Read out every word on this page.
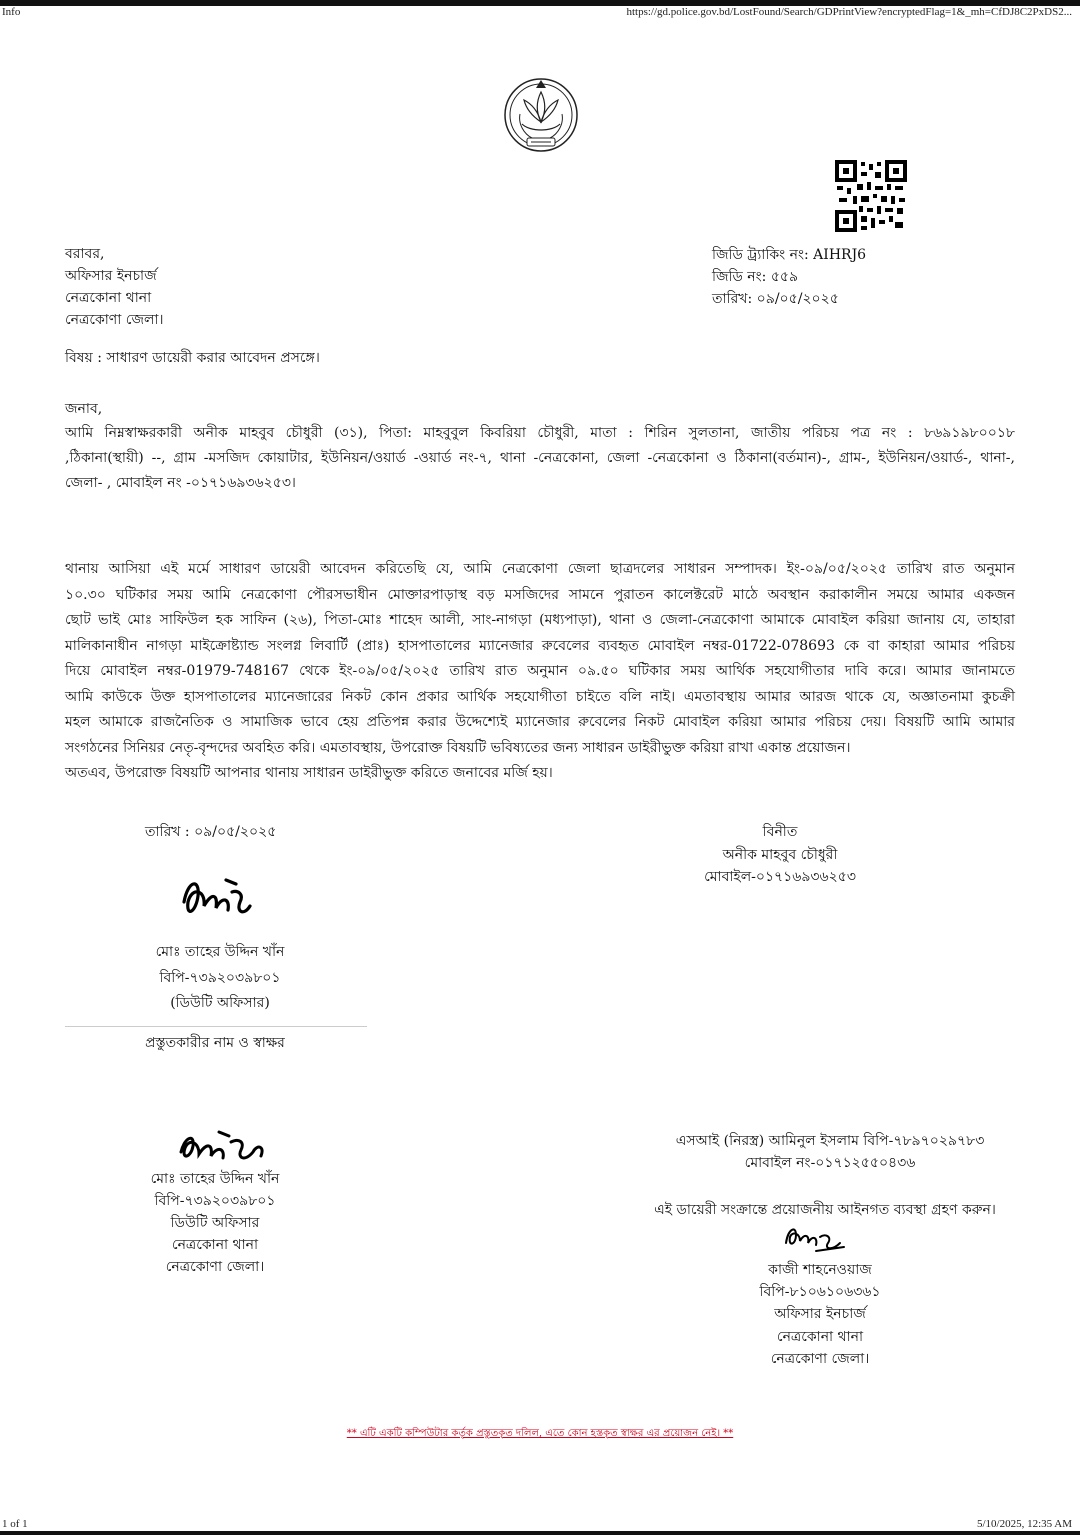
Info	https://gd.police.gov.bd/LostFound/Search/GDPrintView?encryptedFlag=1&_mh=CfDJ8C2PxDS2...
বরাবর,
অফিসার ইনচার্জ
নেত্রকোনা থানা
নেত্রকোণা জেলা।
জিডি ট্র্যাকিং নং: AIHRJ6
জিডি নং: ৫৫৯
তারিখ: ০৯/০৫/২০২৫
বিষয় : সাধারণ ডায়েরী করার আবেদন প্রসঙ্গে।
জনাব,
আমি নিম্নস্বাক্ষরকারী অনীক মাহবুব চৌধুরী (৩১), পিতা: মাহবুবুল কিবরিয়া চৌধুরী, মাতা : শিরিন সুলতানা, জাতীয় পরিচয় পত্র নং : ৮৬৯১৯৮০০১৮
,ঠিকানা(স্থায়ী) --, গ্রাম -মসজিদ কোয়াটার, ইউনিয়ন/ওয়ার্ড -ওয়ার্ড নং-৭, থানা -নেত্রকোনা, জেলা -নেত্রকোনা ও ঠিকানা(বর্তমান)-, গ্রাম-, ইউনিয়ন/ওয়ার্ড-, থানা-,
জেলা- , মোবাইল নং -০১৭১৬৯৩৬২৫৩।
থানায় আসিয়া এই মর্মে সাধারণ ডায়েরী আবেদন করিতেছি যে, আমি নেত্রকোণা জেলা ছাত্রদলের সাধারন সম্পাদক। ইং-০৯/০৫/২০২৫ তারিখ রাত অনুমান
১০.৩০ ঘটিকার সময় আমি নেত্রকোণা পৌরসভাধীন মোক্তারপাড়াস্থ বড় মসজিদের সামনে পুরাতন কালেক্টরেট মাঠে অবস্থান করাকালীন সময়ে আমার একজন
ছোট ভাই মোঃ সাফিউল হক সাফিন (২৬), পিতা-মোঃ শাহেদ আলী, সাং-নাগড়া (মধ্যপাড়া), থানা ও জেলা-নেত্রকোণা আমাকে মোবাইল করিয়া জানায় যে, তাহারা
মালিকানাধীন নাগড়া মাইক্রোষ্ট্যান্ড সংলগ্ন লিবার্টি (প্রাঃ) হাসপাতালের ম্যানেজার রুবেলের ব্যবহৃত মোবাইল নম্বর-01722-078693 কে বা কাহারা আমার পরিচয়
দিয়ে মোবাইল নম্বর-01979-748167 থেকে ইং-০৯/০৫/২০২৫ তারিখ রাত অনুমান ০৯.৫০ ঘটিকার সময় আর্থিক সহযোগীতার দাবি করে। আমার জানামতে
আমি কাউকে উক্ত হাসপাতালের ম্যানেজারের নিকট কোন প্রকার আর্থিক সহযোগীতা চাইতে বলি নাই। এমতাবস্থায় আমার আরজ থাকে যে, অজ্ঞাতনামা কুচক্রী
মহল আমাকে রাজনৈতিক ও সামাজিক ভাবে হেয় প্রতিপন্ন করার উদ্দেশ্যেই ম্যানেজার রুবেলের নিকট মোবাইল করিয়া আমার পরিচয় দেয়। বিষয়টি আমি আমার
সংগঠনের সিনিয়র নেতৃ-বৃন্দদের অবহিত করি। এমতাবস্থায়, উপরোক্ত বিষয়টি ভবিষ্যতের জন্য সাধারন ডাইরীভুক্ত করিয়া রাখা একান্ত প্রয়োজন।
অতএব, উপরোক্ত বিষয়টি আপনার থানায় সাধারন ডাইরীভুক্ত করিতে জনাবের মর্জি হয়।
তারিখ : ০৯/০৫/২০২৫	বিনীত
অনীক মাহবুব চৌধুরী
মোবাইল-০১৭১৬৯৩৬২৫৩
মোঃ তাহের উদ্দিন খাঁন
বিপি-৭৩৯২০৩৯৮০১
(ডিউটি অফিসার)
প্রস্তুতকারীর নাম ও স্বাক্ষর
মোঃ তাহের উদ্দিন খাঁন
বিপি-৭৩৯২০৩৯৮০১
ডিউটি অফিসার
নেত্রকোনা থানা
নেত্রকোণা জেলা।
এসআই (নিরস্ত্র) আমিনুল ইসলাম বিপি-৭৮৯৭০২৯৭৮৩
মোবাইল নং-০১৭১২৫৫০৪৩৬
এই ডায়েরী সংক্রান্তে প্রয়োজনীয় আইনগত ব্যবস্থা গ্রহণ করুন।
কাজী শাহনেওয়াজ
বিপি-৮১০৬১০৬৩৬১
অফিসার ইনচার্জ
নেত্রকোনা থানা
নেত্রকোণা জেলা।
** এটি একটি কম্পিউটার কর্তৃক প্রস্তুতকৃত দলিল, এতে কোন হস্তকৃত স্বাক্ষর এর প্রয়োজন নেই। **
1 of 1	5/10/2025, 12:35 AM
